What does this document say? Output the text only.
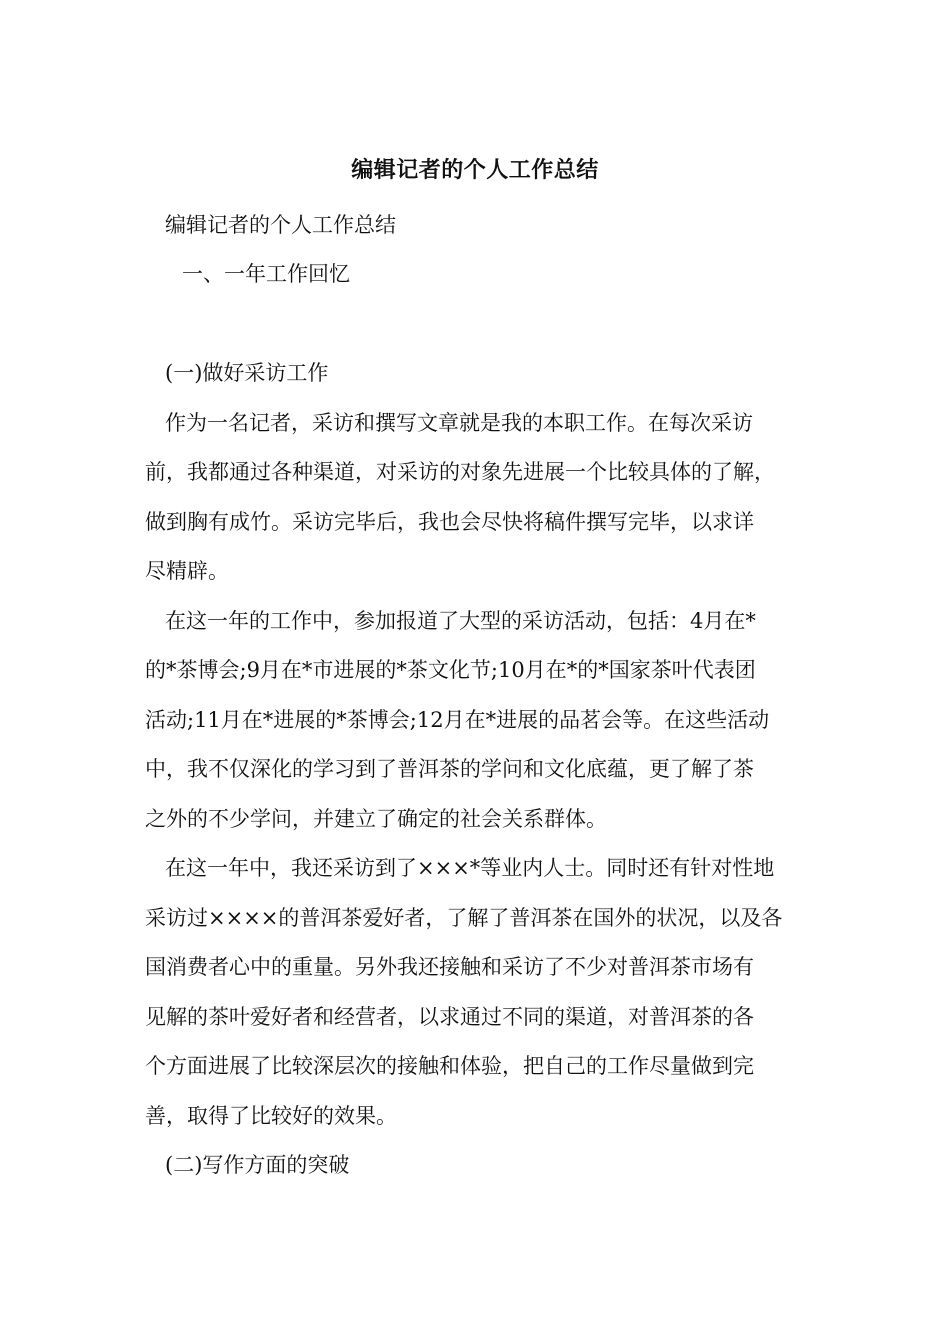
编辑记者的个人工作总结
编辑记者的个人工作总结
一、一年工作回忆
(一)做好采访工作
作为一名记者，采访和撰写文章就是我的本职工作。在每次采访
前，我都通过各种渠道，对采访的对象先进展一个比较具体的了解，
做到胸有成竹。采访完毕后，我也会尽快将稿件撰写完毕，以求详
尽精辟。
在这一年的工作中，参加报道了大型的采访活动，包括：4月在*
的*茶博会;9月在*市进展的*茶文化节;10月在*的*国家茶叶代表团
活动;11月在*进展的*茶博会;12月在*进展的品茗会等。在这些活动
中，我不仅深化的学习到了普洱茶的学问和文化底蕴，更了解了茶
之外的不少学问，并建立了确定的社会关系群体。
在这一年中，我还采访到了×××*等业内人士。同时还有针对性地
采访过××××的普洱茶爱好者，了解了普洱茶在国外的状况，以及各
国消费者心中的重量。另外我还接触和采访了不少对普洱茶市场有
见解的茶叶爱好者和经营者，以求通过不同的渠道，对普洱茶的各
个方面进展了比较深层次的接触和体验，把自己的工作尽量做到完
善，取得了比较好的效果。
(二)写作方面的突破
